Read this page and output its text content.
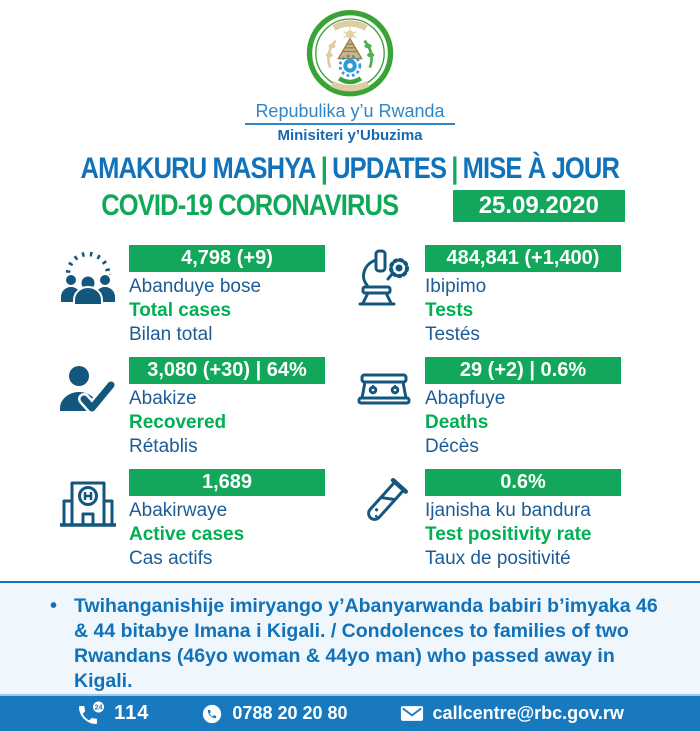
Repubulika y’u Rwanda
Minisiteri y’Ubuzima
AMAKURU MASHYA | UPDATES | MISE À JOUR
COVID-19 CORONAVIRUS	25.09.2020
4,798 (+9)
Abanduye bose
Total cases
Bilan total
484,841 (+1,400)
Ibipimo
Tests
Testés
3,080 (+30) | 64%
Abakize
Recovered
Rétablis
29 (+2) | 0.6%
Abapfuye
Deaths
Décès
1,689
Abakirwaye
Active cases
Cas actifs
0.6%
Ijanisha ku bandura
Test positivity rate
Taux de positivité
• Twihanganishije imiryango y’Abanyarwanda babiri b’imyaka 46 & 44 bitabye Imana i Kigali. / Condolences to families of two Rwandans (46yo woman & 44yo man) who passed away in Kigali.

24 114	0788 20 20 80	callcentre@rbc.gov.rw
